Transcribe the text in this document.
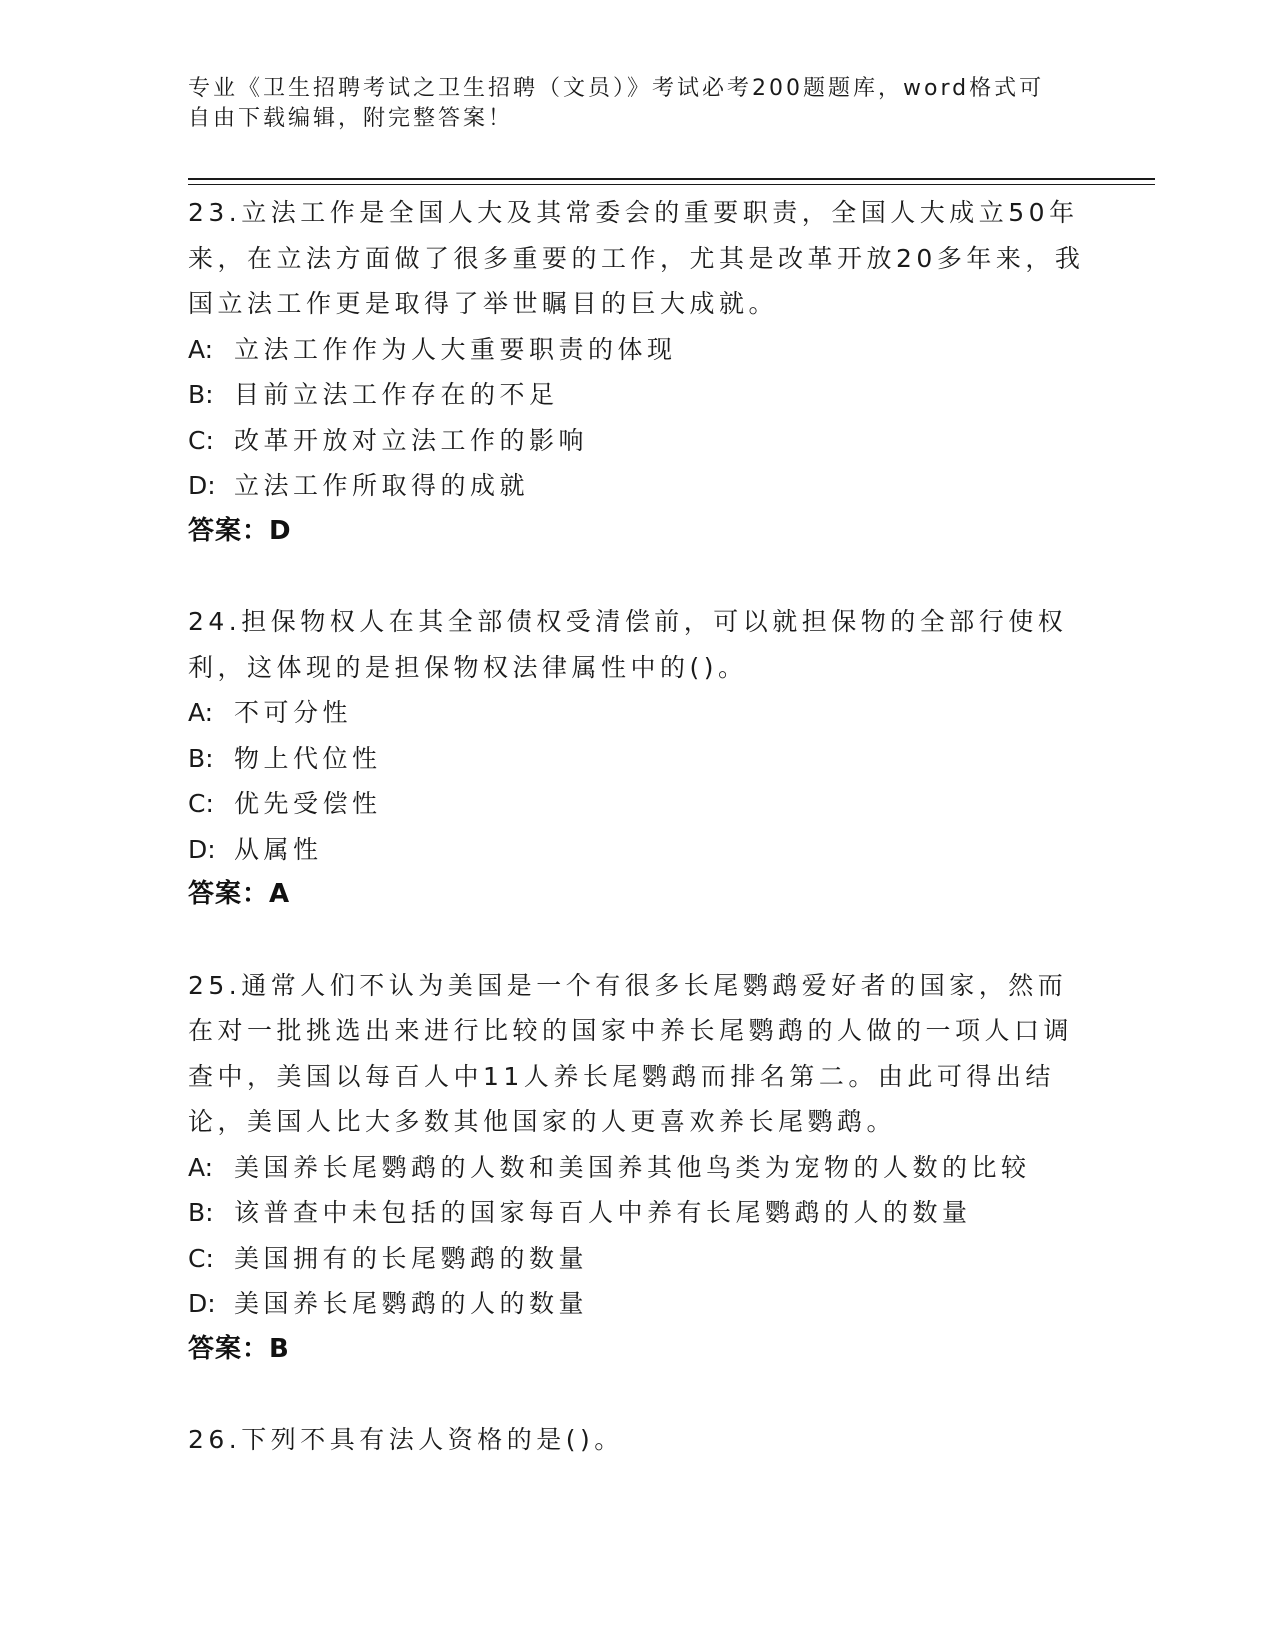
专业《卫生招聘考试之卫生招聘（文员）》考试必考200题题库，word格式可自由下载编辑，附完整答案！
23.立法工作是全国人大及其常委会的重要职责，全国人大成立50年来，在立法方面做了很多重要的工作，尤其是改革开放20多年来，我国立法工作更是取得了举世瞩目的巨大成就。
A: 立法工作作为人大重要职责的体现
B: 目前立法工作存在的不足
C: 改革开放对立法工作的影响
D: 立法工作所取得的成就
答案：D
24.担保物权人在其全部债权受清偿前，可以就担保物的全部行使权利，这体现的是担保物权法律属性中的()。
A: 不可分性
B: 物上代位性
C: 优先受偿性
D: 从属性
答案：A
25.通常人们不认为美国是一个有很多长尾鹦鹉爱好者的国家，然而在对一批挑选出来进行比较的国家中养长尾鹦鹉的人做的一项人口调查中，美国以每百人中11人养长尾鹦鹉而排名第二。由此可得出结论，美国人比大多数其他国家的人更喜欢养长尾鹦鹉。
A: 美国养长尾鹦鹉的人数和美国养其他鸟类为宠物的人数的比较
B: 该普查中未包括的国家每百人中养有长尾鹦鹉的人的数量
C: 美国拥有的长尾鹦鹉的数量
D: 美国养长尾鹦鹉的人的数量
答案：B
26.下列不具有法人资格的是()。
